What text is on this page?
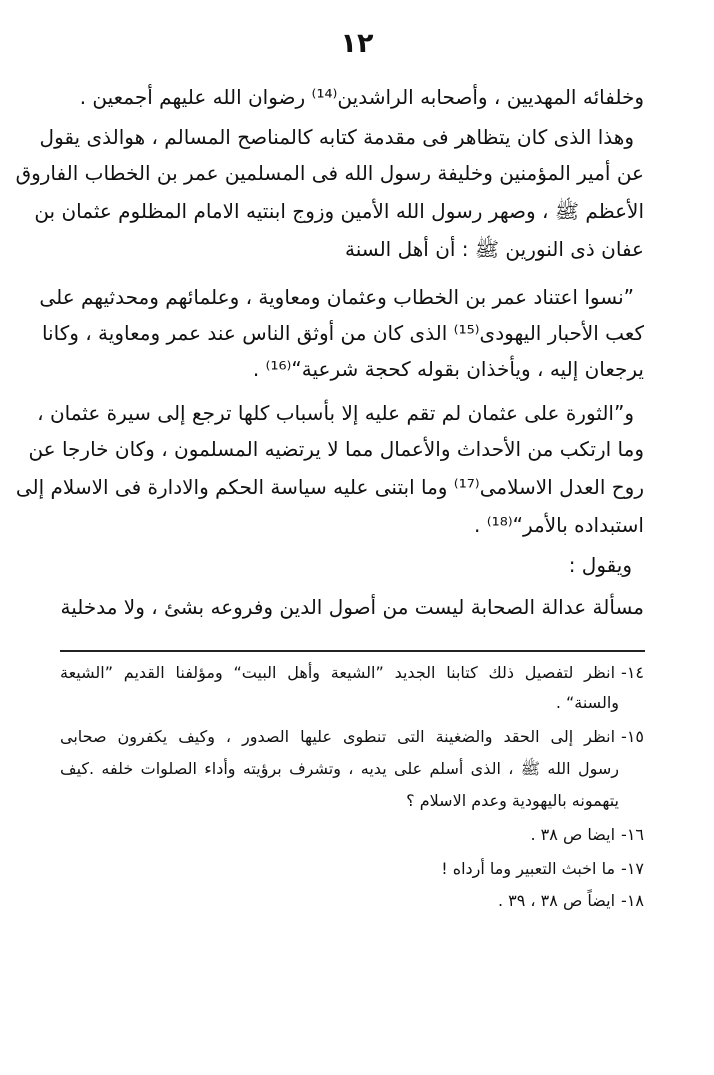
١٢
وخلفائه المهديين ، وأصحابه الراشدين⁽¹⁴⁾ رضوان الله عليهم أجمعين .
وهذا الذى كان يتظاهر فى مقدمة كتابه كالمناصح المسالم ، هوالذى يقول
عن أمير المؤمنين وخليفة رسول الله فى المسلمين عمر بن الخطاب الفاروق
الأعظم ﷺ ، وصهر رسول الله الأمين وزوج ابنتيه الامام المظلوم عثمان بن
عفان ذى النورين ﷺ : أن أهل السنة
”نسوا اعتناد عمر بن الخطاب وعثمان ومعاوية ، وعلمائهم ومحدثيهم على
كعب الأحبار اليهودى⁽¹⁵⁾ الذى كان من أوثق الناس عند عمر ومعاوية ، وكانا
يرجعان إليه ، ويأخذان بقوله كحجة شرعية“⁽¹⁶⁾ .
و”الثورة على عثمان لم تقم عليه إلا بأسباب كلها ترجع إلى سيرة عثمان ،
وما ارتكب من الأحداث والأعمال مما لا يرتضيه المسلمون ، وكان خارجا عن
روح العدل الاسلامى⁽¹⁷⁾ وما ابتنى عليه سياسة الحكم والادارة فى الاسلام إلى
استبداده بالأمر“⁽¹⁸⁾ .
ويقول :
مسألة عدالة الصحابة ليست من أصول الدين وفروعه بشئ ، ولا مدخلية
١٤-انظر لتفصيل ذلك كتابنا الجديد ”الشيعة وأهل البيت“ ومؤلفنا القديم ”الشيعة
والسنة“ .
١٥-انظر إلى الحقد والضغينة التى تنطوى عليها الصدور ، وكيف يكفرون صحابى
رسول الله ﷺ ، الذى أسلم على يديه ، وتشرف برؤيته وأداء الصلوات خلفه .كيف
يتهمونه باليهودية وعدم الاسلام ؟
١٦-ايضا ص ٣٨ .
١٧-ما اخبث التعبير وما أرداه !
١٨-ايضاً ص ٣٨ ، ٣٩ .
